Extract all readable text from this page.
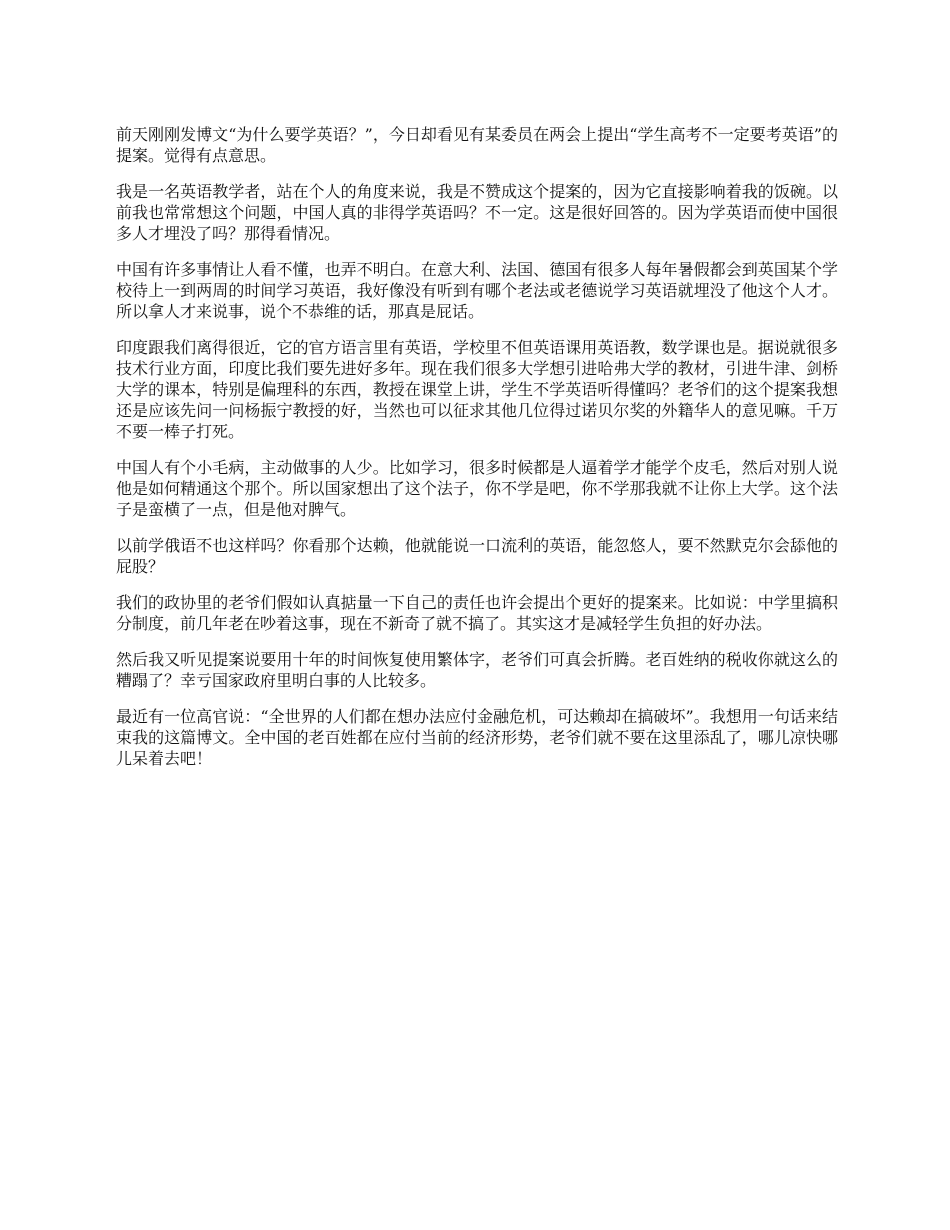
前天刚刚发博文“为什么要学英语？”，今日却看见有某委员在两会上提出“学生高考不一定要考英语”的提案。觉得有点意思。

我是一名英语教学者，站在个人的角度来说，我是不赞成这个提案的，因为它直接影响着我的饭碗。以前我也常常想这个问题，中国人真的非得学英语吗？不一定。这是很好回答的。因为学英语而使中国很多人才埋没了吗？那得看情况。

中国有许多事情让人看不懂，也弄不明白。在意大利、法国、德国有很多人每年暑假都会到英国某个学校待上一到两周的时间学习英语，我好像没有听到有哪个老法或老德说学习英语就埋没了他这个人才。所以拿人才来说事，说个不恭维的话，那真是屁话。

印度跟我们离得很近，它的官方语言里有英语，学校里不但英语课用英语教，数学课也是。据说就很多技术行业方面，印度比我们要先进好多年。现在我们很多大学想引进哈弗大学的教材，引进牛津、剑桥大学的课本，特别是偏理科的东西，教授在课堂上讲，学生不学英语听得懂吗？老爷们的这个提案我想还是应该先问一问杨振宁教授的好，当然也可以征求其他几位得过诺贝尔奖的外籍华人的意见嘛。千万不要一棒子打死。

中国人有个小毛病，主动做事的人少。比如学习，很多时候都是人逼着学才能学个皮毛，然后对别人说他是如何精通这个那个。所以国家想出了这个法子，你不学是吧，你不学那我就不让你上大学。这个法子是蛮横了一点，但是他对脾气。

以前学俄语不也这样吗？你看那个达赖，他就能说一口流利的英语，能忽悠人，要不然默克尔会舔他的屁股？

我们的政协里的老爷们假如认真掂量一下自己的责任也许会提出个更好的提案来。比如说：中学里搞积分制度，前几年老在吵着这事，现在不新奇了就不搞了。其实这才是减轻学生负担的好办法。

然后我又听见提案说要用十年的时间恢复使用繁体字，老爷们可真会折腾。老百姓纳的税收你就这么的糟蹋了？幸亏国家政府里明白事的人比较多。

最近有一位高官说：“全世界的人们都在想办法应付金融危机，可达赖却在搞破坏”。我想用一句话来结束我的这篇博文。全中国的老百姓都在应付当前的经济形势，老爷们就不要在这里添乱了，哪儿凉快哪儿呆着去吧！
